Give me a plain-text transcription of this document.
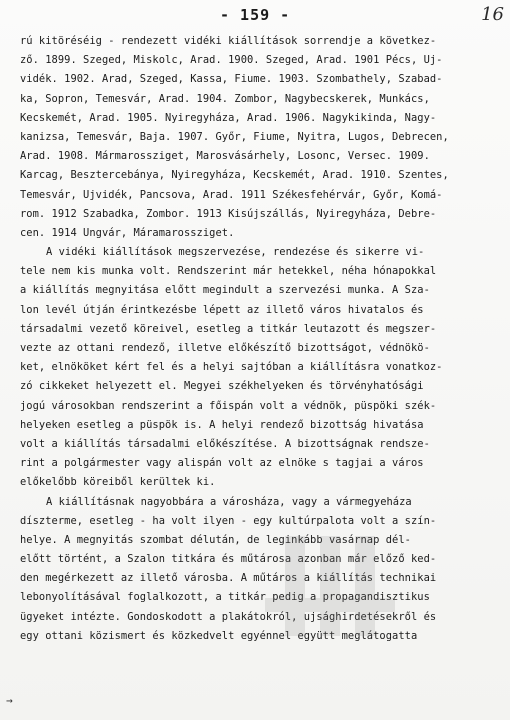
- 159 -	16
rú kitöréséig - rendezett vidéki kiállítások sorrendje a következ-
ző. 1899. Szeged, Miskolc, Arad. 1900. Szeged, Arad. 1901 Pécs, Uj-
vidék. 1902. Arad, Szeged, Kassa, Fiume. 1903. Szombathely, Szabad-
ka, Sopron, Temesvár, Arad. 1904. Zombor, Nagybecskerek, Munkács,
Kecskemét, Arad. 1905. Nyiregyháza, Arad. 1906. Nagykikinda, Nagy-
kanizsa, Temesvár, Baja. 1907. Győr, Fiume, Nyitra, Lugos, Debrecen,
Arad. 1908. Mármarossziget, Marosvásárhely, Losonc, Versec. 1909.
Karcag, Besztercebánya, Nyiregyháza, Kecskemét, Arad. 1910. Szentes,
Temesvár, Ujvidék, Pancsova, Arad. 1911 Székesfehérvár, Győr, Komá-
rom. 1912 Szabadka, Zombor. 1913 Kisújszállás, Nyiregyháza, Debre-
cen. 1914 Ungvár, Máramarossziget.
A vidéki kiállítások megszervezése, rendezése és sikerre vi-
tele nem kis munka volt. Rendszerint már hetekkel, néha hónapokkal
a kiállítás megnyitása előtt megindult a szervezési munka. A Sza-
lon levél útján érintkezésbe lépett az illető város hivatalos és
társadalmi vezető köreivel, esetleg a titkár leutazott és megszer-
vezte az ottani rendező, illetve előkészítő bizottságot, védnökö-
ket, elnököket kért fel és a helyi sajtóban a kiállításra vonatkoz-
zó cikkeket helyezett el. Megyei székhelyeken és törvényhatósági
jogú városokban rendszerint a főispán volt a védnök, püspöki szék-
helyeken esetleg a püspök is. A helyi rendező bizottság hivatása
volt a kiállítás társadalmi előkészítése. A bizottságnak rendsze-
rint a polgármester vagy alispán volt az elnöke s tagjai a város
előkelőbb köreiből kerültek ki.
A kiállításnak nagyobbára a városháza, vagy a vármegyeháza
díszterme, esetleg - ha volt ilyen - egy kultúrpalota volt a szín-
helye. A megnyitás szombat délután, de leginkább vasárnap dél-
előtt történt, a Szalon titkára és műtárosa azonban már előző ked-
den megérkezett az illető városba. A műtáros a kiállítás technikai
lebonyolításával foglalkozott, a titkár pedig a propagandisztikus
ügyeket intézte. Gondoskodott a plakátokról, ujsághirdetésekről és
egy ottani közismert és közkedvelt egyénnel együtt meglátogatta
→
